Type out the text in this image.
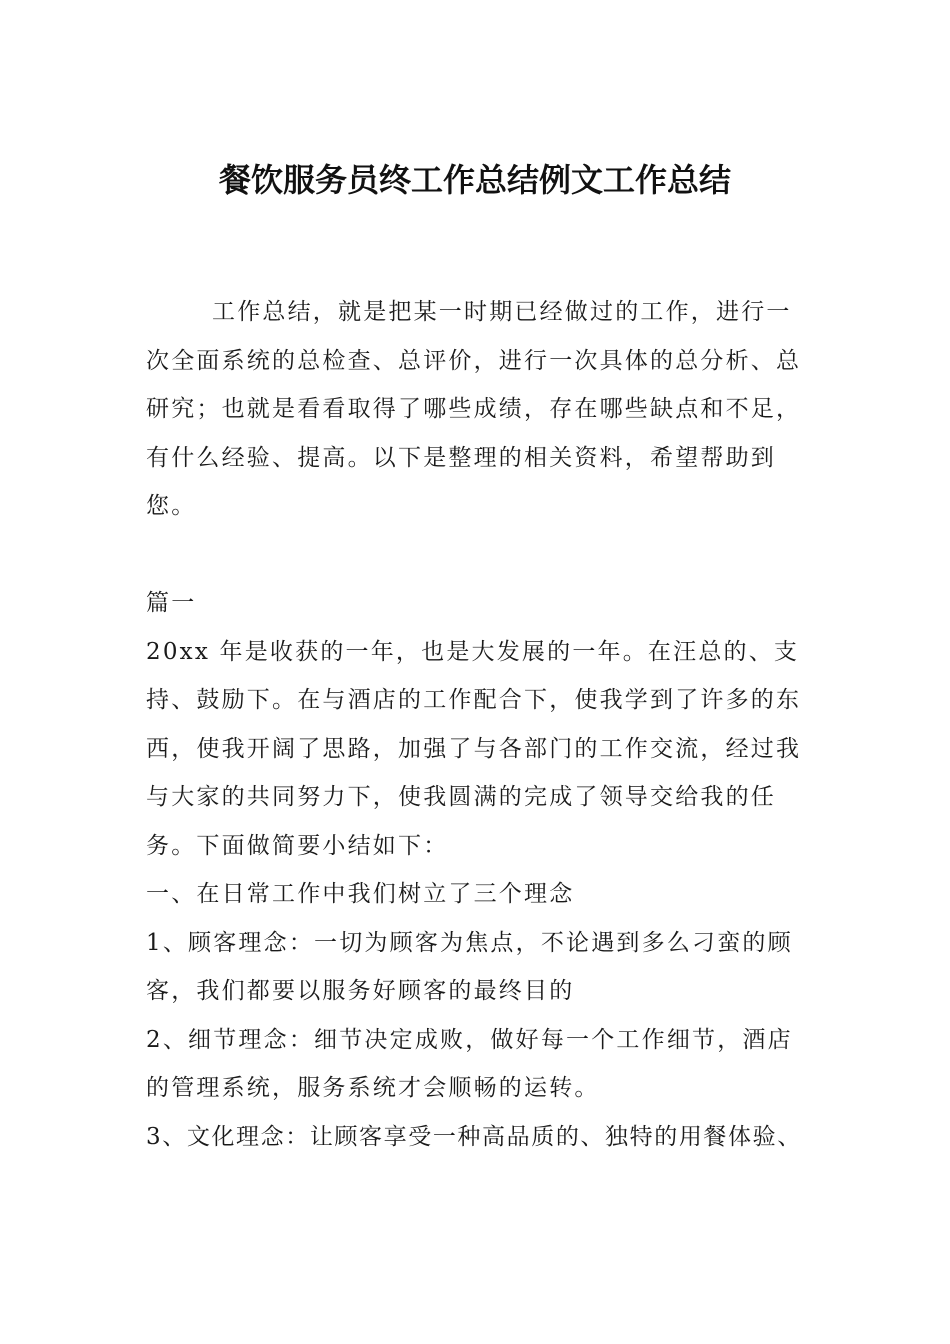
餐饮服务员终工作总结例文工作总结

工作总结，就是把某一时期已经做过的工作，进行一次全面系统的总检查、总评价，进行一次具体的总分析、总研究；也就是看看取得了哪些成绩，存在哪些缺点和不足，有什么经验、提高。以下是整理的相关资料，希望帮助到您。

篇一

20xx 年是收获的一年，也是大发展的一年。在汪总的、支持、鼓励下。在与酒店的工作配合下，使我学到了许多的东西，使我开阔了思路，加强了与各部门的工作交流，经过我与大家的共同努力下，使我圆满的完成了领导交给我的任务。下面做简要小结如下：

一、在日常工作中我们树立了三个理念

1、顾客理念：一切为顾客为焦点，不论遇到多么刁蛮的顾客，我们都要以服务好顾客的最终目的

2、细节理念：细节决定成败，做好每一个工作细节，酒店的管理系统，服务系统才会顺畅的运转。

3、文化理念：让顾客享受一种高品质的、独特的用餐体验、
